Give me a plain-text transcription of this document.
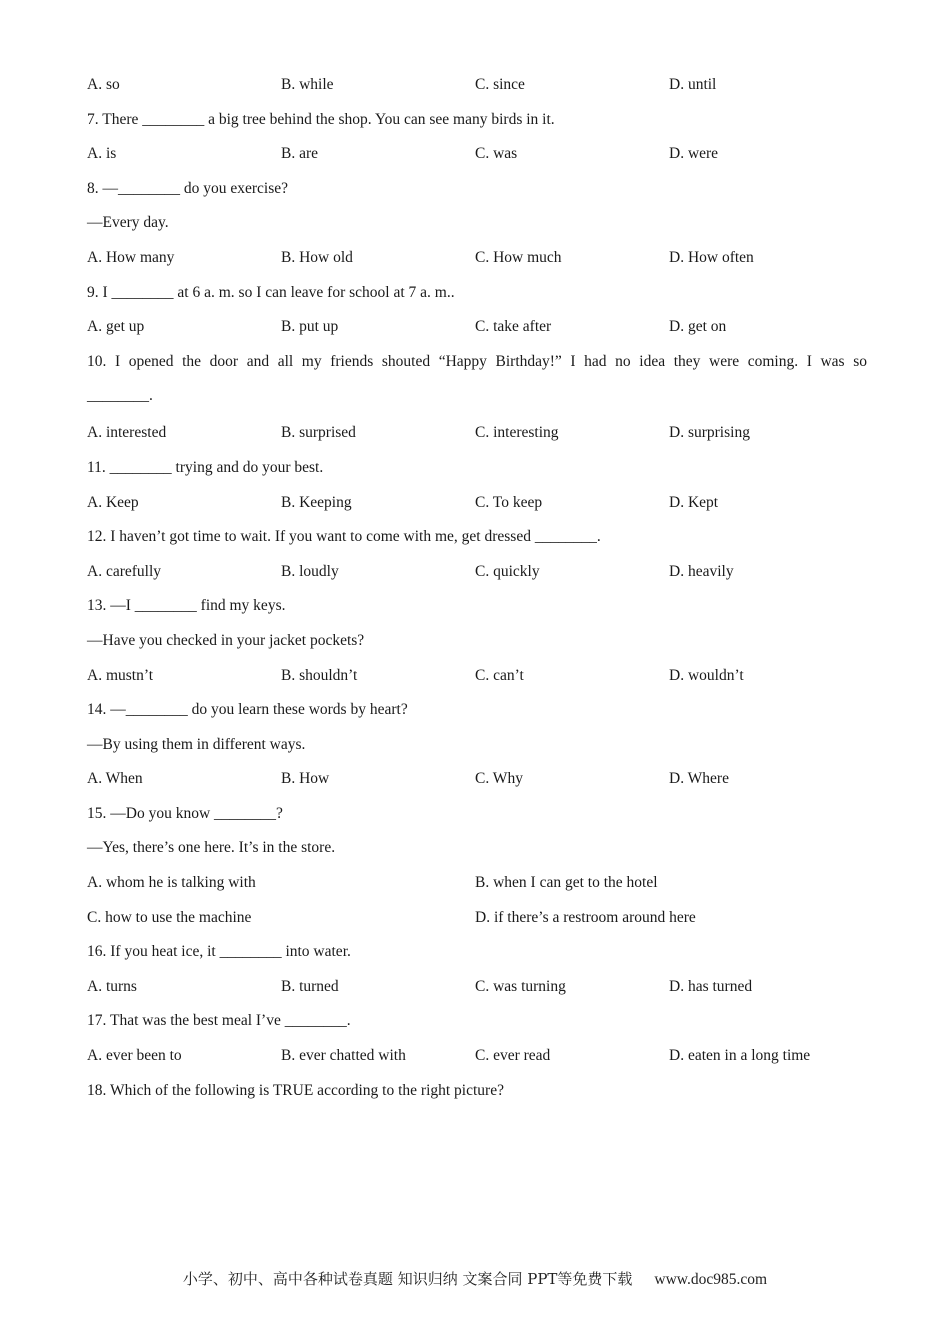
A. so	B. while	C. since	D. until
7. There ________ a big tree behind the shop. You can see many birds in it.
A. is	B. are	C. was	D. were
8. —________ do you exercise?
—Every day.
A. How many	B. How old	C. How much	D. How often
9. I ________ at 6 a. m. so I can leave for school at 7 a. m..
A. get up	B. put up	C. take after	D. get on
10. I opened the door and all my friends shouted “Happy Birthday!” I had no idea they were coming. I was so
________.
A. interested	B. surprised	C. interesting	D. surprising
11. ________ trying and do your best.
A. Keep	B. Keeping	C. To keep	D. Kept
12. I haven’t got time to wait. If you want to come with me, get dressed ________.
A. carefully	B. loudly	C. quickly	D. heavily
13. —I ________ find my keys.
—Have you checked in your jacket pockets?
A. mustn’t	B. shouldn’t	C. can’t	D. wouldn’t
14. —________ do you learn these words by heart?
—By using them in different ways.
A. When	B. How	C. Why	D. Where
15. —Do you know ________?
—Yes, there’s one here. It’s in the store.
A. whom he is talking with	B. when I can get to the hotel
C. how to use the machine	D. if there’s a restroom around here
16. If you heat ice, it ________ into water.
A. turns	B. turned	C. was turning	D. has turned
17. That was the best meal I’ve ________.
A. ever been to	B. ever chatted with	C. ever read	D. eaten in a long time
18. Which of the following is TRUE according to the right picture?
小学、初中、高中各种试卷真题 知识归纳 文案合同 PPT等免费下载 www.doc985.com
